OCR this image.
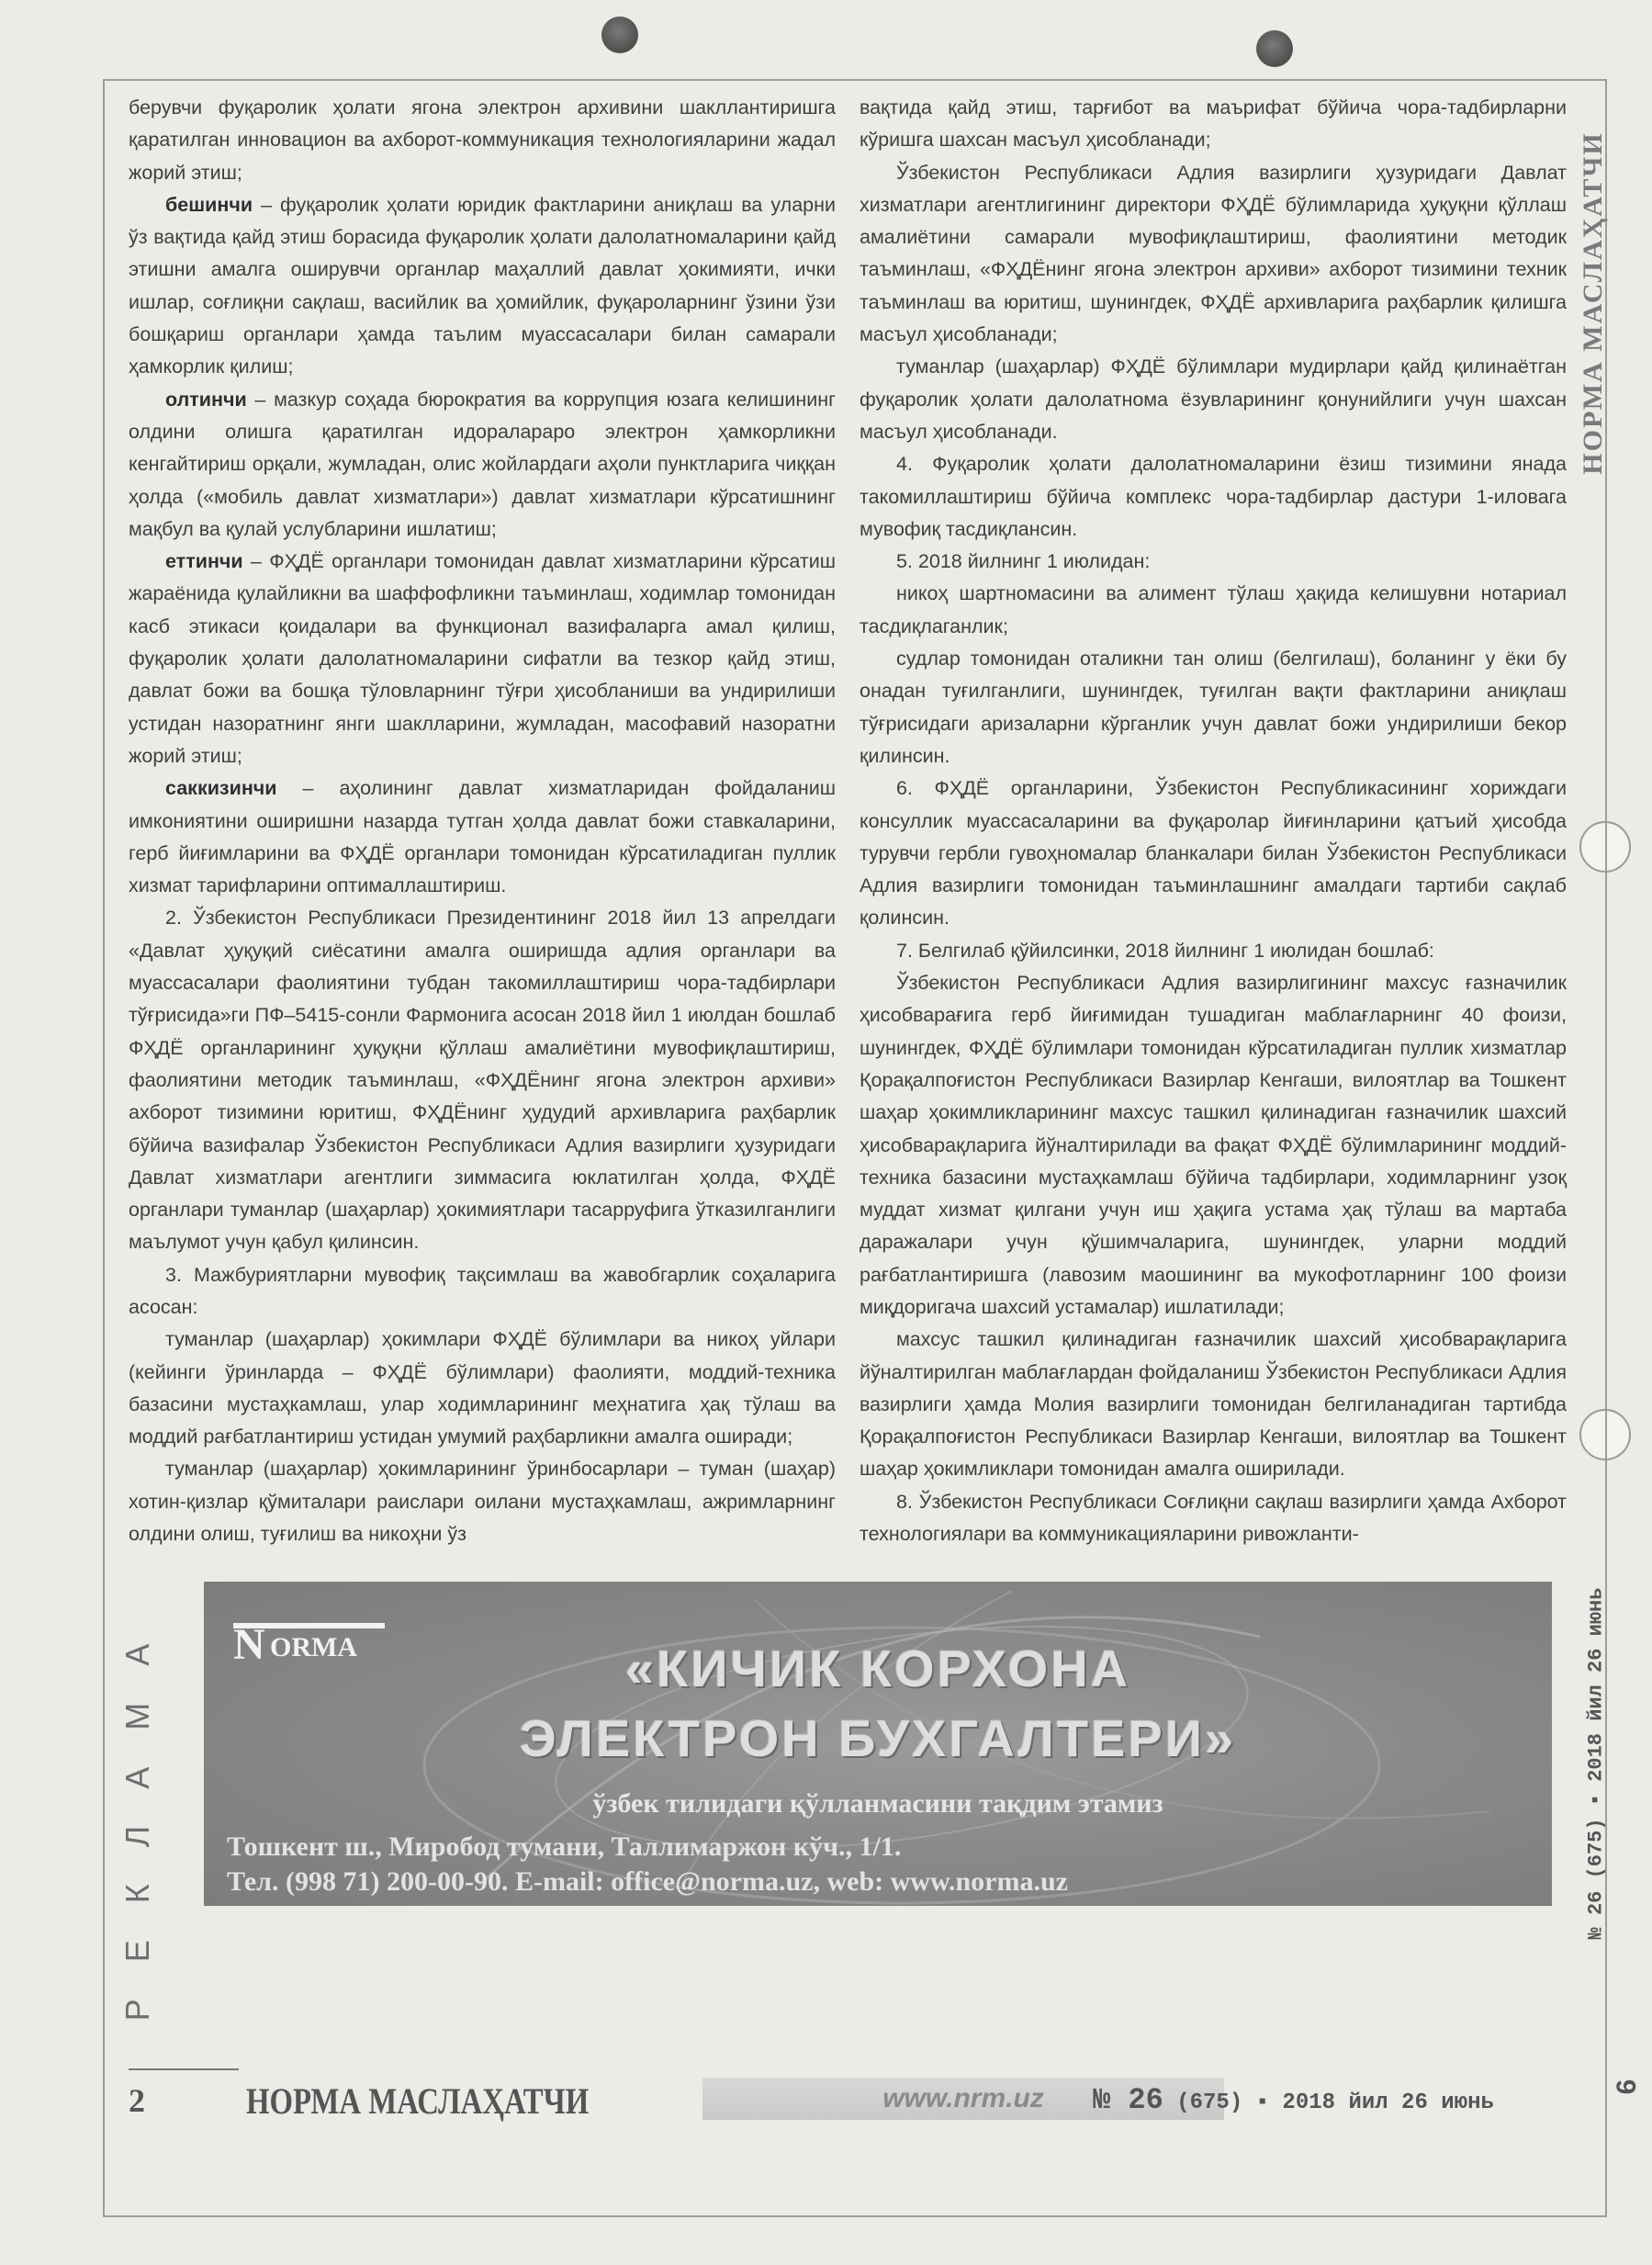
НОРМА МАСЛАҲАТЧИ
№ 26 (675) ▪ 2018 йил 26 июнь
6

берувчи фуқаролик ҳолати ягона электрон архивини шакллантиришга қаратилган инновацион ва ахборот-коммуникация технологияларини жадал жорий этиш;

бешинчи – фуқаролик ҳолати юридик фактларини аниқлаш ва уларни ўз вақтида қайд этиш борасида фуқаролик ҳолати далолатномаларини қайд этишни амалга оширувчи органлар маҳаллий давлат ҳокимияти, ички ишлар, соғлиқни сақлаш, васийлик ва ҳомийлик, фуқароларнинг ўзини ўзи бошқариш органлари ҳамда таълим муассасалари билан самарали ҳамкорлик қилиш;

олтинчи – мазкур соҳада бюрократия ва коррупция юзага келишининг олдини олишга қаратилган идоралараро электрон ҳамкорликни кенгайтириш орқали, жумладан, олис жойлардаги аҳоли пунктларига чиққан ҳолда («мобиль давлат хизматлари») давлат хизматлари кўрсатишнинг мақбул ва қулай услубларини ишлатиш;

еттинчи – ФҲДЁ органлари томонидан давлат хизматларини кўрсатиш жараёнида қулайликни ва шаффофликни таъминлаш, ходимлар томонидан касб этикаси қоидалари ва функционал вазифаларга амал қилиш, фуқаролик ҳолати далолатномаларини сифатли ва тезкор қайд этиш, давлат божи ва бошқа тўловларнинг тўғри ҳисобланиши ва ундирилиши устидан назоратнинг янги шаклларини, жумладан, масофавий назоратни жорий этиш;

саккизинчи – аҳолининг давлат хизматларидан фойдаланиш имкониятини оширишни назарда тутган ҳолда давлат божи ставкаларини, герб йиғимларини ва ФҲДЁ органлари томонидан кўрсатиладиган пуллик хизмат тарифларини оптималлаштириш.

2. Ўзбекистон Республикаси Президентининг 2018 йил 13 апрелдаги «Давлат ҳуқуқий сиёсатини амалга оширишда адлия органлари ва муассасалари фаолиятини тубдан такомиллаштириш чора-тадбирлари тўғрисида»ги ПФ–5415-сонли Фармонига асосан 2018 йил 1 июлдан бошлаб ФҲДЁ органларининг ҳуқуқни қўллаш амалиётини мувофиқлаштириш, фаолиятини методик таъминлаш, «ФҲДЁнинг ягона электрон архиви» ахборот тизимини юритиш, ФҲДЁнинг ҳудудий архивларига раҳбарлик бўйича вазифалар Ўзбекистон Республикаси Адлия вазирлиги ҳузуридаги Давлат хизматлари агентлиги зиммасига юклатилган ҳолда, ФҲДЁ органлари туманлар (шаҳарлар) ҳокимиятлари тасарруфига ўтказилганлиги маълумот учун қабул қилинсин.

3. Мажбуриятларни мувофиқ тақсимлаш ва жавобгарлик соҳаларига асосан:

туманлар (шаҳарлар) ҳокимлари ФҲДЁ бўлимлари ва никоҳ уйлари (кейинги ўринларда – ФҲДЁ бўлимлари) фаолияти, моддий-техника базасини мустаҳкамлаш, улар ходимларининг меҳнатига ҳақ тўлаш ва моддий рағбатлантириш устидан умумий раҳбарликни амалга оширади;

туманлар (шаҳарлар) ҳокимларининг ўринбосарлари – туман (шаҳар) хотин-қизлар қўмиталари раислари оилани мустаҳкамлаш, ажримларнинг олдини олиш, туғилиш ва никоҳни ўз

вақтида қайд этиш, тарғибот ва маърифат бўйича чора-тадбирларни кўришга шахсан масъул ҳисобланади;

Ўзбекистон Республикаси Адлия вазирлиги ҳузуридаги Давлат хизматлари агентлигининг директори ФҲДЁ бўлимларида ҳуқуқни қўллаш амалиётини самарали мувофиқлаштириш, фаолиятини методик таъминлаш, «ФҲДЁнинг ягона электрон архиви» ахборот тизимини техник таъминлаш ва юритиш, шунингдек, ФҲДЁ архивларига раҳбарлик қилишга масъул ҳисобланади;

туманлар (шаҳарлар) ФҲДЁ бўлимлари мудирлари қайд қилинаётган фуқаролик ҳолати далолатнома ёзувларининг қонунийлиги учун шахсан масъул ҳисобланади.

4. Фуқаролик ҳолати далолатномаларини ёзиш тизимини янада такомиллаштириш бўйича комплекс чора-тадбирлар дастури 1-иловага мувофиқ тасдиқлансин.

5. 2018 йилнинг 1 июлидан:

никоҳ шартномасини ва алимент тўлаш ҳақида келишувни нотариал тасдиқлаганлик;

судлар томонидан оталикни тан олиш (белгилаш), боланинг у ёки бу онадан туғилганлиги, шунингдек, туғилган вақти фактларини аниқлаш тўғрисидаги аризаларни кўрганлик учун давлат божи ундирилиши бекор қилинсин.

6. ФҲДЁ органларини, Ўзбекистон Республикасининг хориждаги консуллик муассасаларини ва фуқаролар йиғинларини қатъий ҳисобда турувчи гербли гувоҳномалар бланкалари билан Ўзбекистон Республикаси Адлия вазирлиги томонидан таъминлашнинг амалдаги тартиби сақлаб қолинсин.

7. Белгилаб қўйилсинки, 2018 йилнинг 1 июлидан бошлаб:

Ўзбекистон Республикаси Адлия вазирлигининг махсус ғазначилик ҳисобварағига герб йиғимидан тушадиган маблағларнинг 40 фоизи, шунингдек, ФҲДЁ бўлимлари томонидан кўрсатиладиган пуллик хизматлар Қорақалпоғистон Республикаси Вазирлар Кенгаши, вилоятлар ва Тошкент шаҳар ҳокимликларининг махсус ташкил қилинадиган ғазначилик шахсий ҳисобварақларига йўналтирилади ва фақат ФҲДЁ бўлимларининг моддий-техника базасини мустаҳкамлаш бўйича тадбирлари, ходимларнинг узоқ муддат хизмат қилгани учун иш ҳақига устама ҳақ тўлаш ва мартаба даражалари учун қўшимчаларига, шунингдек, уларни моддий рағбатлантиришга (лавозим маошининг ва мукофотларнинг 100 фоизи миқдоригача шахсий устамалар) ишлатилади;

махсус ташкил қилинадиган ғазначилик шахсий ҳисобварақларига йўналтирилган маблағлардан фойдаланиш Ўзбекистон Республикаси Адлия вазирлиги ҳамда Молия вазирлиги томонидан белгиланадиган тартибда Қорақалпоғистон Республикаси Вазирлар Кенгаши, вилоятлар ва Тошкент шаҳар ҳокимликлари томонидан амалга оширилади.

8. Ўзбекистон Республикаси Соғлиқни сақлаш вазирлиги ҳамда Ахборот технологиялари ва коммуникацияларини ривожланти-

РЕКЛАМА N ORMA	«КИЧИК КОРХОНА
ЭЛЕКТРОН БУХГАЛТЕРИ»
ўзбек тилидаги қўлланмасини тақдим этамиз
Тошкент ш., Миробод тумани, Таллимаржон кўч., 1/1.
Тел. (998 71) 200-00-90. E-mail: office@norma.uz, web: www.norma.uz
2	НОРМА МАСЛАҲАТЧИ	www.nrm.uz	№ 26 (675) ▪ 2018 йил 26 июнь
